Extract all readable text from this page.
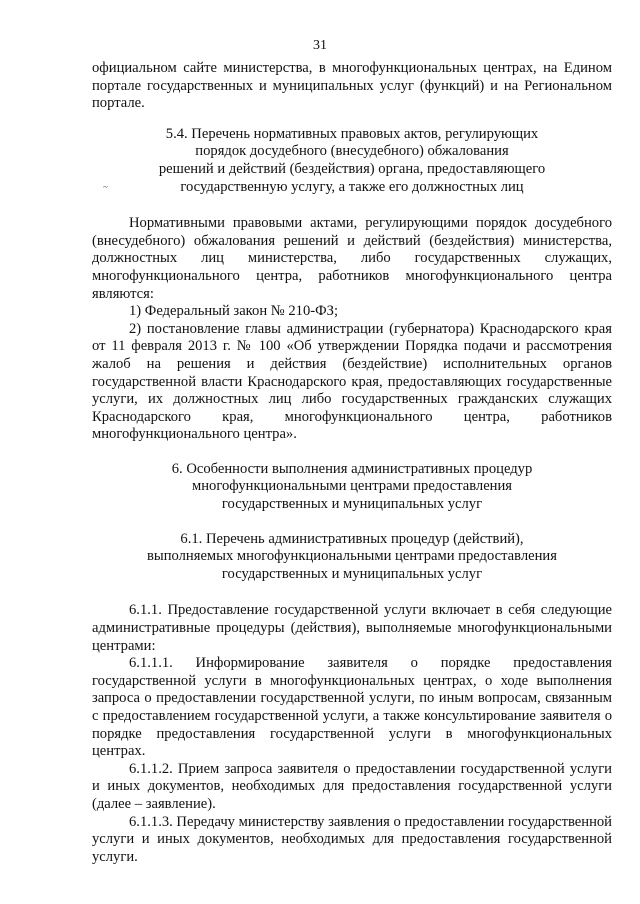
31
~

официальном сайте министерства, в многофункциональных центрах, на Едином портале государственных и муниципальных услуг (функций) и на Региональном портале.

5.4. Перечень нормативных правовых актов, регулирующих

порядок досудебного (внесудебного) обжалования

решений и действий (бездействия) органа, предоставляющего

государственную услугу, а также его должностных лиц

Нормативными правовыми актами, регулирующими порядок досудебного (внесудебного) обжалования решений и действий (бездействия) министерства, должностных лиц министерства, либо государственных служащих, многофункционального центра, работников многофункционального центра являются:

1) Федеральный закон № 210-ФЗ;

2) постановление главы администрации (губернатора) Краснодарского края от 11 февраля 2013 г. № 100 «Об утверждении Порядка подачи и рассмотрения жалоб на решения и действия (бездействие) исполнительных органов государственной власти Краснодарского края, предоставляющих государственные услуги, их должностных лиц либо государственных гражданских служащих Краснодарского края, многофункционального центра, работников многофункционального центра».

6. Особенности выполнения административных процедур

многофункциональными центрами предоставления

государственных и муниципальных услуг

6.1. Перечень административных процедур (действий),

выполняемых многофункциональными центрами предоставления

государственных и муниципальных услуг

6.1.1. Предоставление государственной услуги включает в себя следующие административные процедуры (действия), выполняемые многофункциональными центрами:

6.1.1.1. Информирование заявителя о порядке предоставления государственной услуги в многофункциональных центрах, о ходе выполнения запроса о предоставлении государственной услуги, по иным вопросам, связанным с предоставлением государственной услуги, а также консультирование заявителя о порядке предоставления государственной услуги в многофункциональных центрах.

6.1.1.2. Прием запроса заявителя о предоставлении государственной услуги и иных документов, необходимых для предоставления государственной услуги (далее – заявление).

6.1.1.3. Передачу министерству заявления о предоставлении государственной услуги и иных документов, необходимых для предоставления государственной услуги.
